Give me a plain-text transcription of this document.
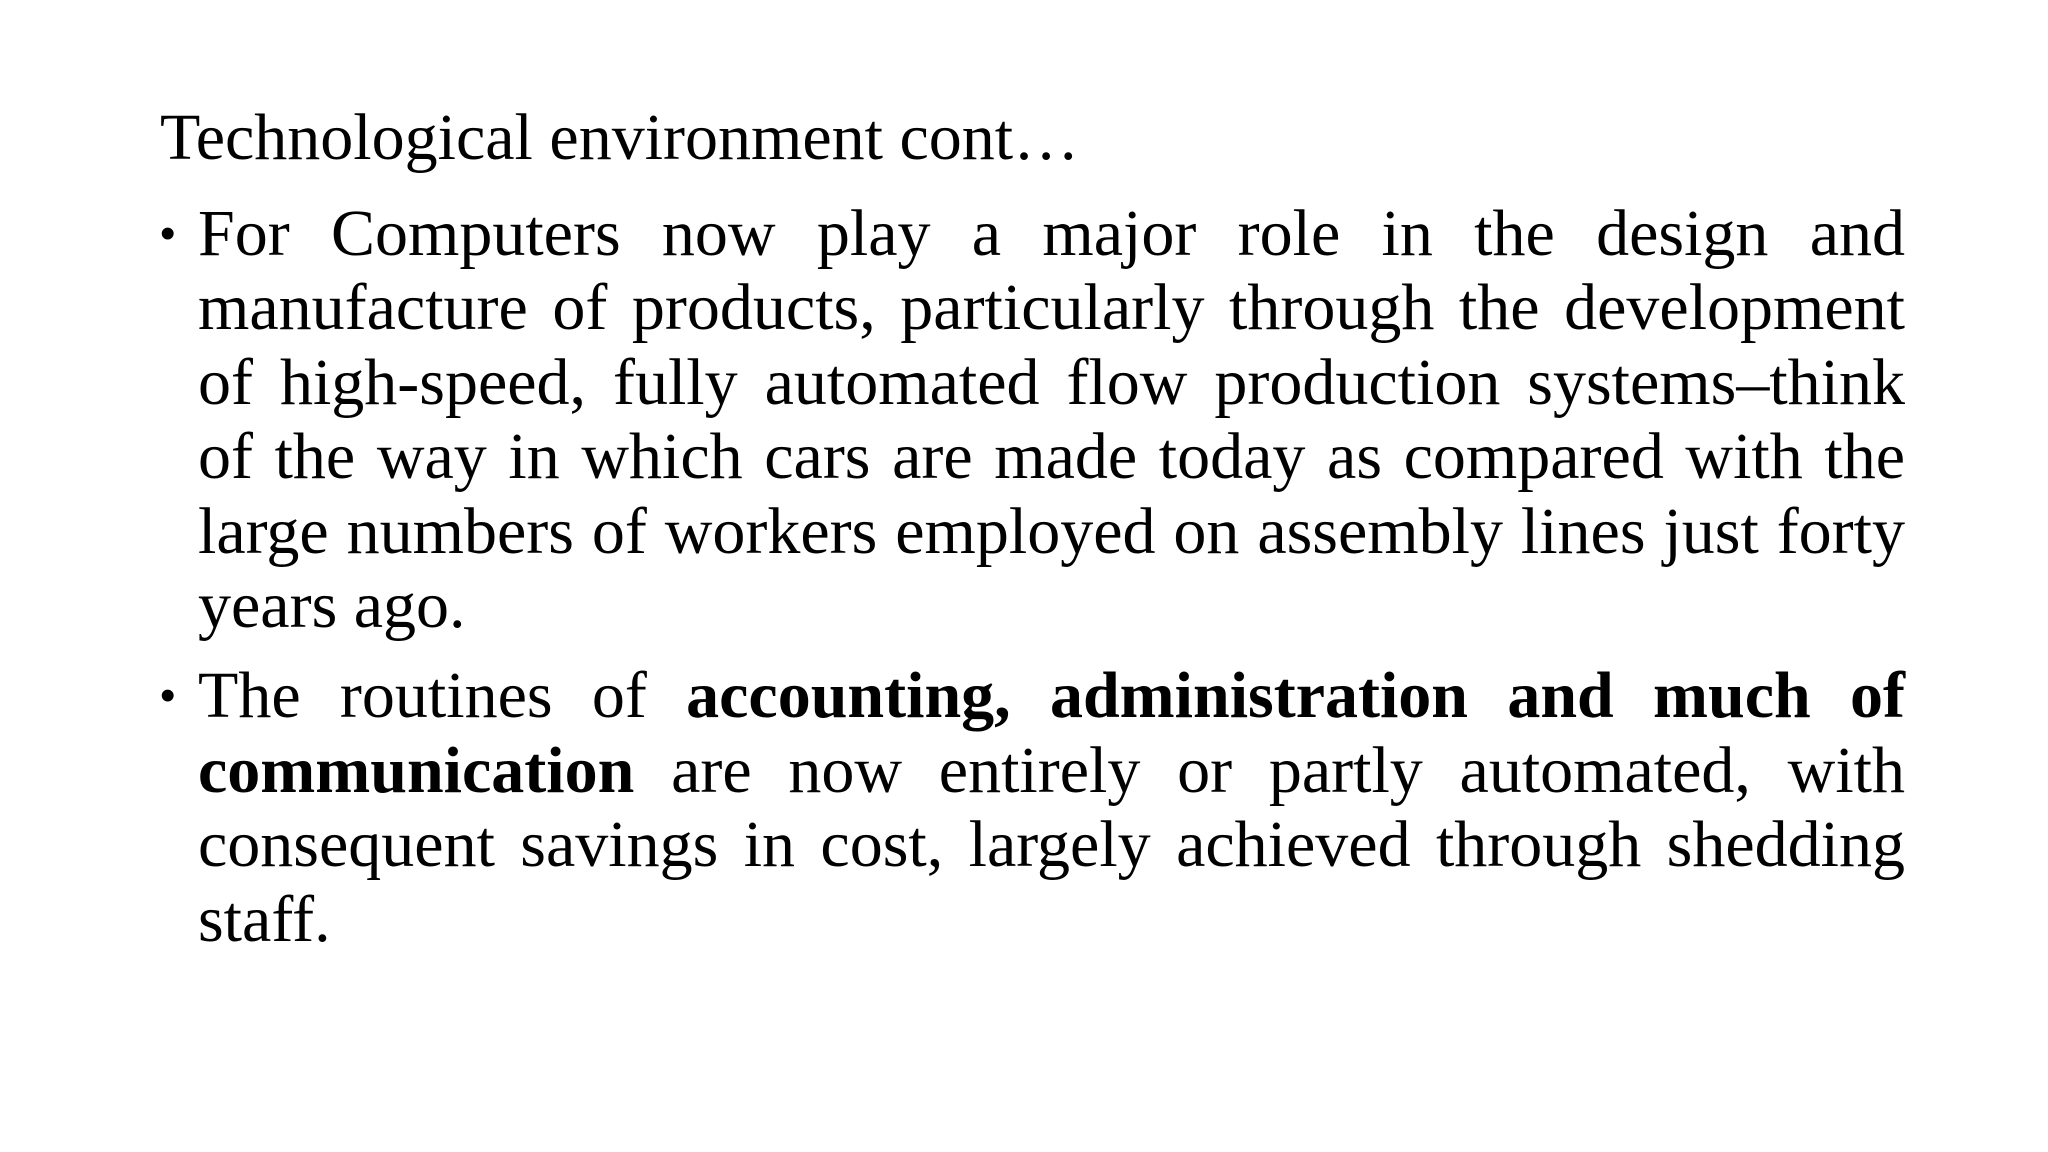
Technological environment cont…
• For Computers now play a major role in the design and manufacture of products, particularly through the development of high-speed, fully automated flow production systems–think of the way in which cars are made today as compared with the large numbers of workers employed on assembly lines just forty years ago.

• The routines of accounting, administration and much of communication are now entirely or partly automated, with consequent savings in cost, largely achieved through shedding staff.
